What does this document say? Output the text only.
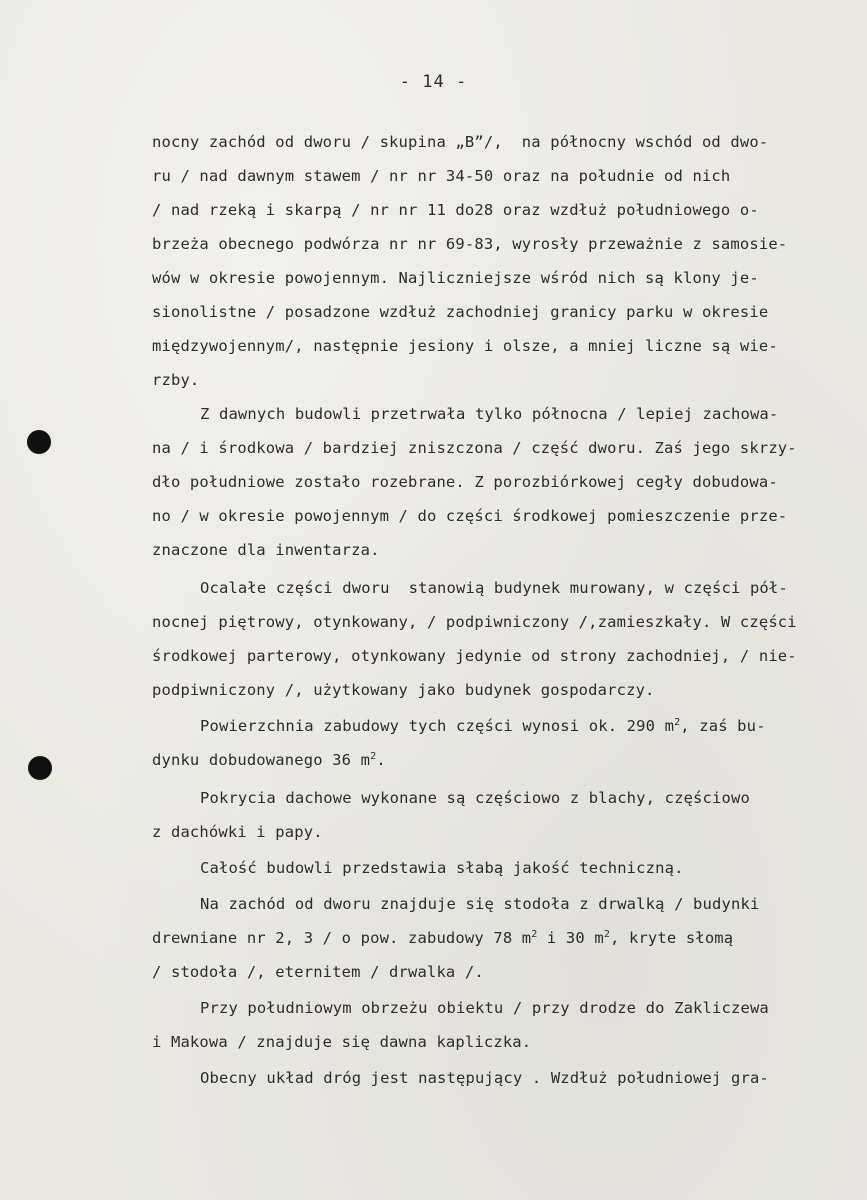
- 14 -
nocny zachód od dworu / skupina „B”/,  na północny wschód od dwo-
ru / nad dawnym stawem / nr nr 34-50 oraz na południe od nich
/ nad rzeką i skarpą / nr nr 11 do28 oraz wzdłuż południowego o-
brzeża obecnego podwórza nr nr 69-83, wyrosły przeważnie z samosie-
wów w okresie powojennym. Najliczniejsze wśród nich są klony je-
sionolistne / posadzone wzdłuż zachodniej granicy parku w okresie
międzywojennym/, następnie jesiony i olsze, a mniej liczne są wie-
rzby.
Z dawnych budowli przetrwała tylko północna / lepiej zachowa-
na / i środkowa / bardziej zniszczona / część dworu. Zaś jego skrzy-
dło południowe zostało rozebrane. Z porozbiórkowej cegły dobudowa-
no / w okresie powojennym / do części środkowej pomieszczenie prze-
znaczone dla inwentarza.
Ocalałe części dworu  stanowią budynek murowany, w części pół-
nocnej piętrowy, otynkowany, / podpiwniczony /,zamieszkały. W części
środkowej parterowy, otynkowany jedynie od strony zachodniej, / nie-
podpiwniczony /, użytkowany jako budynek gospodarczy.
Powierzchnia zabudowy tych części wynosi ok. 290 $m^2$, zaś bu-
dynku dobudowanego 36 $m^2$.
Pokrycia dachowe wykonane są częściowo z blachy, częściowo
z dachówki i papy.
Całość budowli przedstawia słabą jakość techniczną.
Na zachód od dworu znajduje się stodoła z drwalką / budynki
drewniane nr 2, 3 / o pow. zabudowy 78 $m^2$ i 30 $m^2$, kryte słomą
/ stodoła /, eternitem / drwalka /.
Przy południowym obrzeżu obiektu / przy drodze do Zakliczewa
i Makowa / znajduje się dawna kapliczka.
Obecny układ dróg jest następujący . Wzdłuż południowej gra-
